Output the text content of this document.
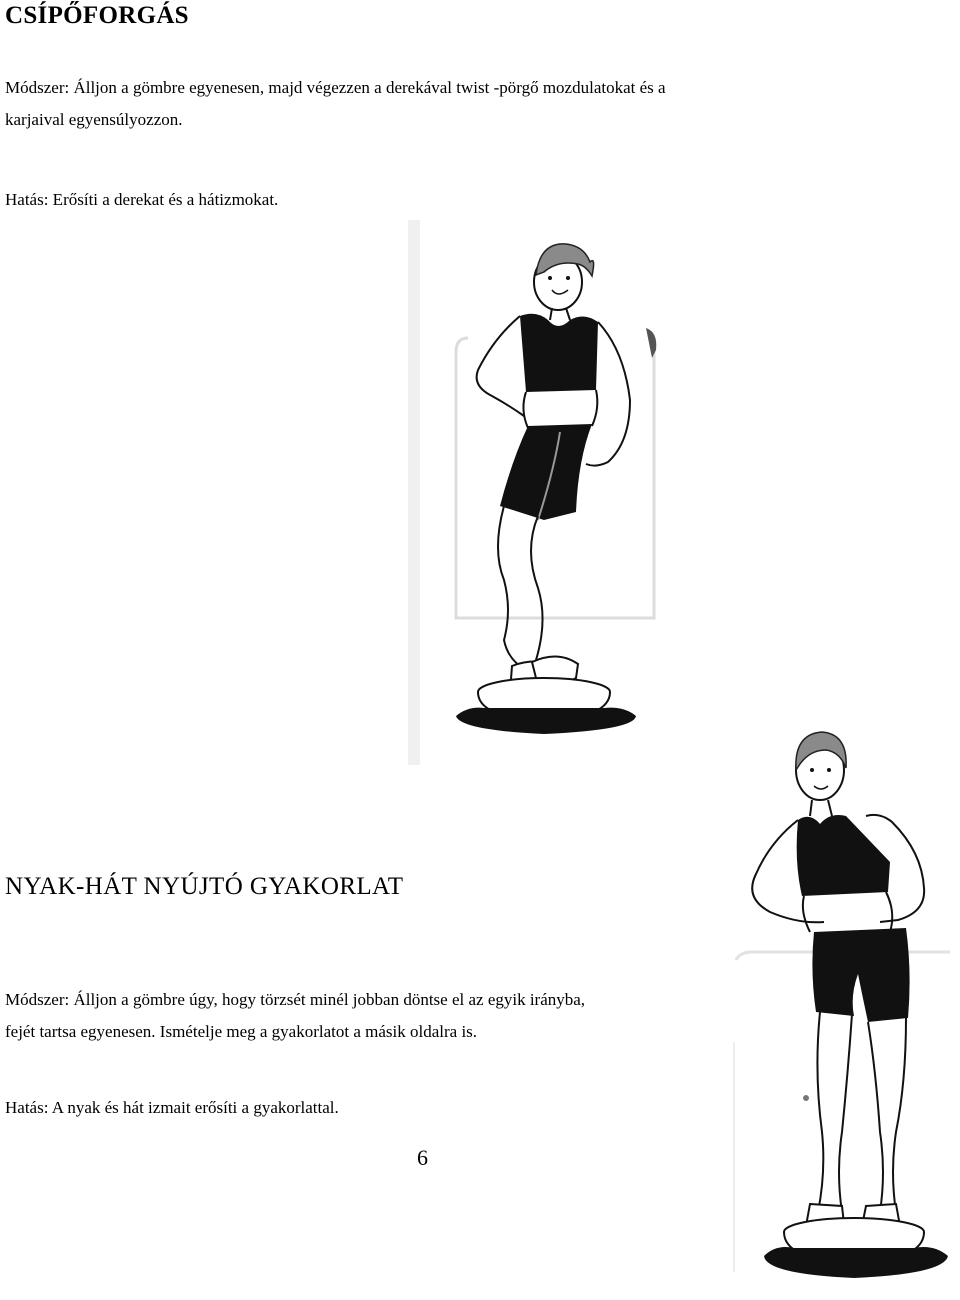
CSÍPŐFORGÁS

Módszer: Álljon a gömbre egyenesen, majd végezzen a derekával twist -pörgő mozdulatokat és a
karjaival egyensúlyozzon.

Hatás: Erősíti a derekat és a hátizmokat.

NYAK-HÁT NYÚJTÓ GYAKORLAT

Módszer: Álljon a gömbre úgy, hogy törzsét minél jobban döntse el az egyik irányba,
fejét tartsa egyenesen. Ismételje meg a gyakorlatot a másik oldalra is.

Hatás: A nyak és hát izmait erősíti a gyakorlattal.

6
